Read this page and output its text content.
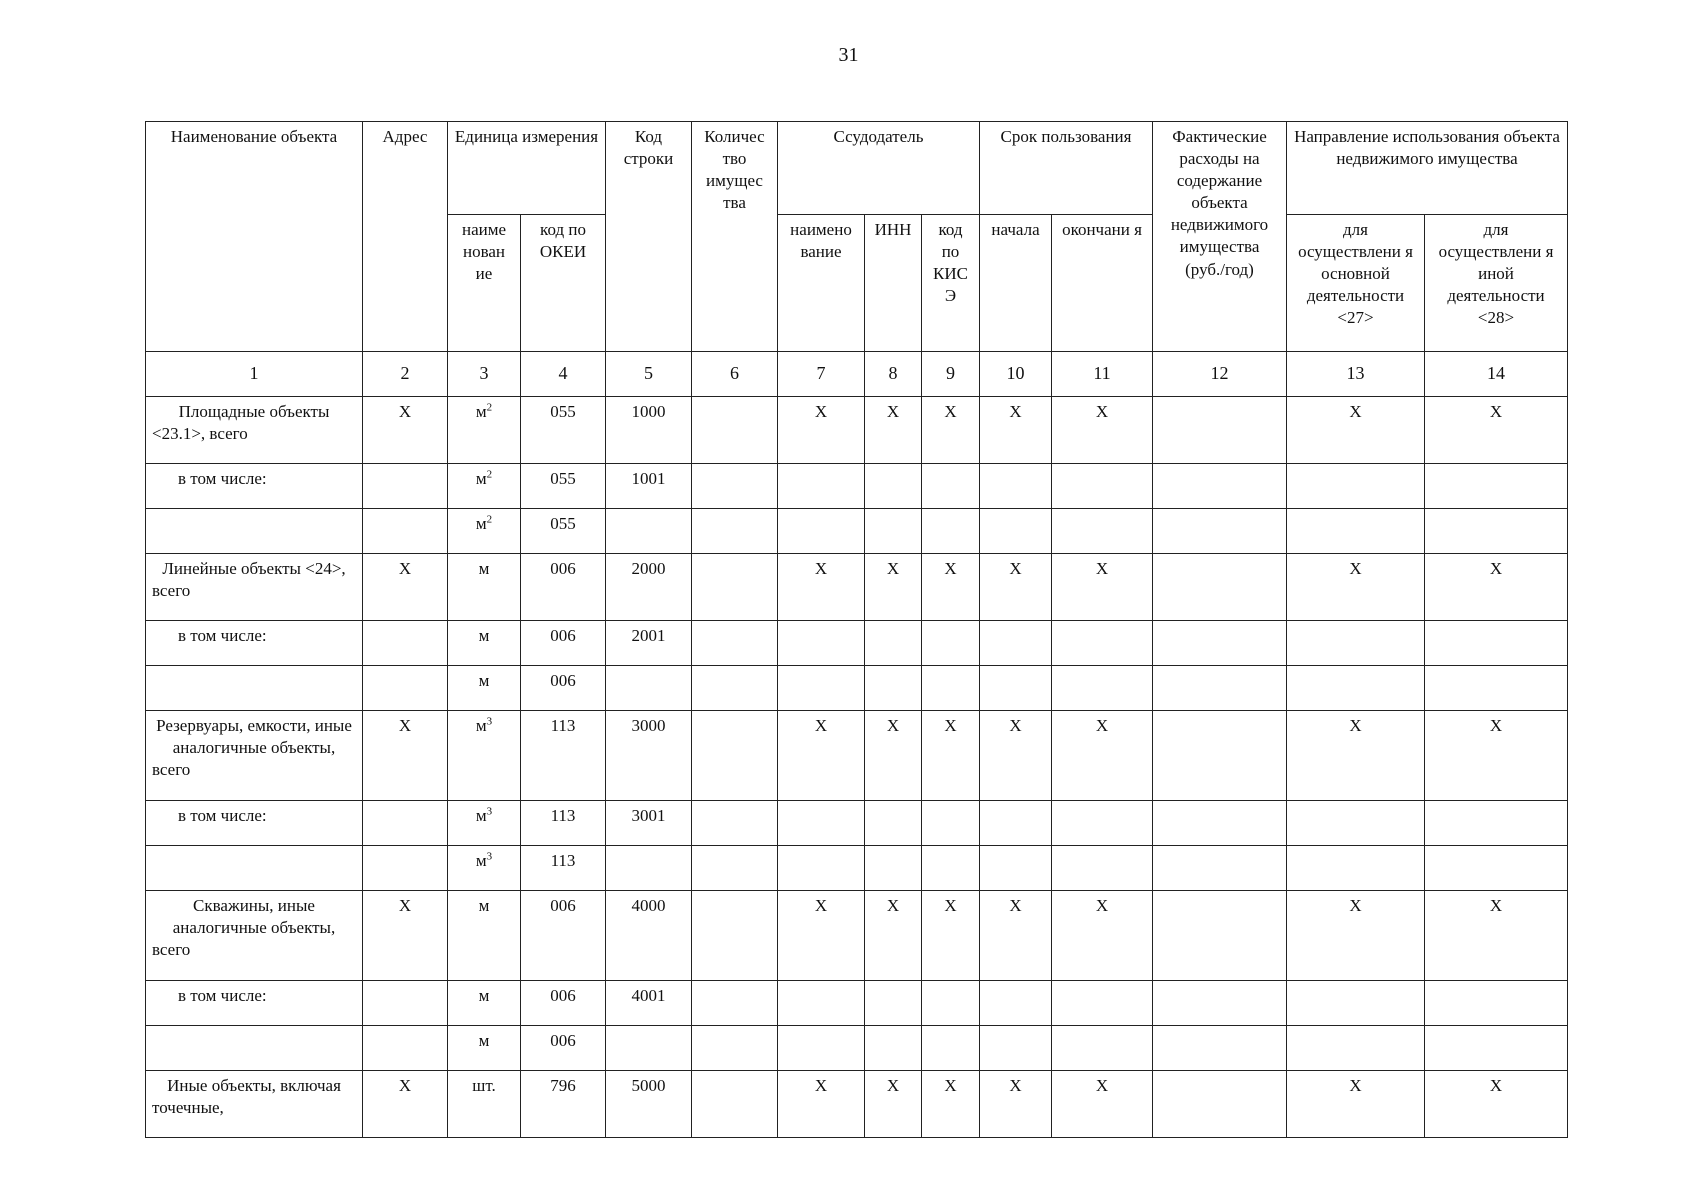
31
Наименование объекта	Адрес	Единица измерения		Код строки	Количес тво имущес тва	Ссудодатель			Срок пользования		Фактические расходы на содержание объекта недвижимого имущества (руб./год)	Направление использования объекта недвижимого имущества	
		наиме нован ие	код по ОКЕИ			наимено вание	ИНН	код по КИС Э	начала	окончани я		для осуществлени я основной деятельности <27>	для осуществлени я иной деятельности <28>
1	2	3	4	5	6	7	8	9	10	11	12	13	14
Площадные объекты <23.1>, всего	X	$м^2$	055	1000		X	X	X	X	X		X	X
в том числе:		$м^2$	055	1001									
		$м^2$	055										
Линейные объекты <24>, всего	X	м	006	2000		X	X	X	X	X		X	X
в том числе:		м	006	2001									
		м	006										
Резервуары, емкости, иные аналогичные объекты, всего	X	$м^3$	113	3000		X	X	X	X	X		X	X
в том числе:		$м^3$	113	3001									
		$м^3$	113										
Скважины, иные аналогичные объекты, всего	X	м	006	4000		X	X	X	X	X		X	X
в том числе:		м	006	4001									
		м	006										
Иные объекты, включая точечные,	X	шт.	796	5000		X	X	X	X	X		X	X
